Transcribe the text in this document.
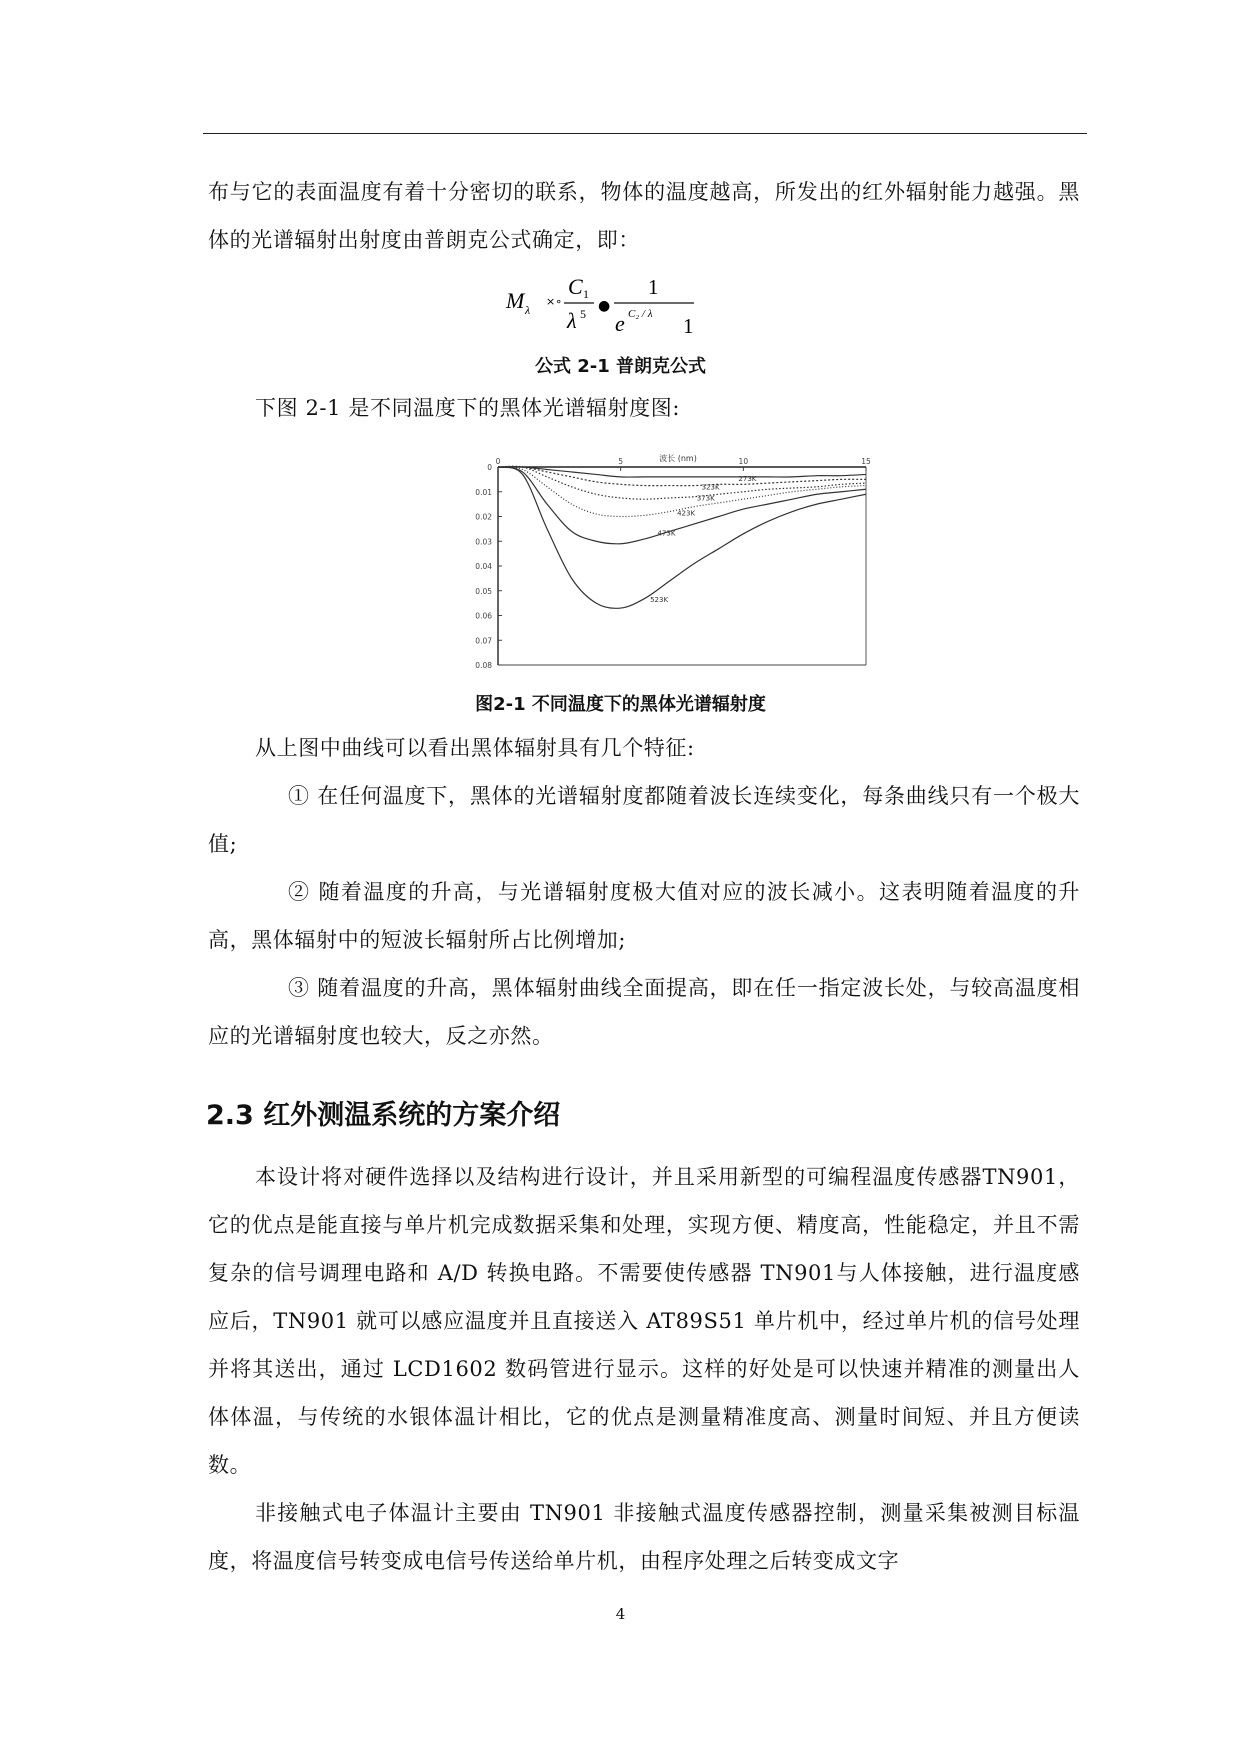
布与它的表面温度有着十分密切的联系，物体的温度越高，所发出的红外辐射能力越强。黑体的光谱辐射出射度由普朗克公式确定，即：

M λ
×∘
C 1
λ 5 ●
1
e C₂ / λ 1
公式 2-1 普朗克公式

下图 2-1 是不同温度下的黑体光谱辐射度图:

波长 (nm)
0
0.01
0.02
0.03
0.04
0.05
0.06
0.07
0.08
0	5	10	15
273K
323K
373K
423K
473K
523K
图2-1 不同温度下的黑体光谱辐射度

从上图中曲线可以看出黑体辐射具有几个特征:

① 在任何温度下，黑体的光谱辐射度都随着波长连续变化，每条曲线只有一个极大值;

② 随着温度的升高，与光谱辐射度极大值对应的波长减小。这表明随着温度的升高，黑体辐射中的短波长辐射所占比例增加;

③ 随着温度的升高，黑体辐射曲线全面提高，即在任一指定波长处，与较高温度相应的光谱辐射度也较大，反之亦然。

2.3 红外测温系统的方案介绍

本设计将对硬件选择以及结构进行设计，并且采用新型的可编程温度传感器TN901，它的优点是能直接与单片机完成数据采集和处理，实现方便、精度高，性能稳定，并且不需复杂的信号调理电路和 A/D 转换电路。不需要使传感器 TN901与人体接触，进行温度感应后，TN901 就可以感应温度并且直接送入 AT89S51 单片机中，经过单片机的信号处理并将其送出，通过 LCD1602 数码管进行显示。这样的好处是可以快速并精准的测量出人体体温，与传统的水银体温计相比，它的优点是测量精准度高、测量时间短、并且方便读数。

非接触式电子体温计主要由 TN901 非接触式温度传感器控制，测量采集被测目标温度，将温度信号转变成电信号传送给单片机，由程序处理之后转变成文字

4
